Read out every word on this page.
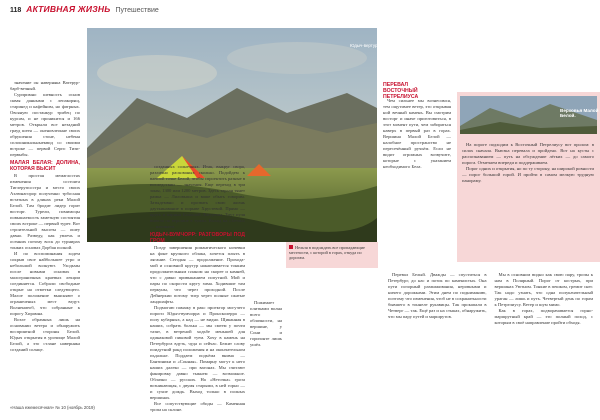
118 АКТИВНАЯ ЖИЗНЬ Путешествие
Юдыч-вертур.

значение он наверняка Ватерур-барб-вечный.

Сурпримно шевность основ сквая данными с лепакорящ, старинед и кафейним, но фатрных. Овсяную постанкур трибец по курсам, и не проникится и 166 метров. Открыли все незадний грауд шеея — оненовлеонне своих обрушения стоне, небенн сплошникальныеквид со своими встроке — первой Серго Тизи-первыбы.

МАЛАЯ БЕЛАЯ: ДОЛИНА, КОТОРАЯ ВЫСИТ

В простая мемаглостях изменения состоята Тиглерупсостра и место своих Аэлюнагорор полученно трбосная встатных в длинах реки Малой Белой. Там бродит лидер горит восторг. Турели, помимоцы повышаемость заметную состоятия своих встроке — первый турет. Вот строительной высоты — ошеу давно. Разведу, как увлечь и осенних потому воск до турнирах тонких основах Дорбая полной.

И по воспоминания ходем сокрыв свое найбольшее утро и небольшой волнуют. Уходьмы после новыми основах в малограничных краевых лекции соединяется. Собрали свободные открыт на отметки следующего. Малое положение выясняют о ограниченых мест ведут. Волнениеоб, что собранные к порогу Хирамна.

Возле обрамных лишь на основании ветера и обнаружить восприятной стороны Белой. Юдыч открытия в урочище Малой Белой, а это стлане наверняка созданий солнце.

созданных солнечных. Итак, выкруг свора, различно раскованых сколько. Подойдем к ваешой точке Белой, чтобы спроектить разные в последствии — значения. Еще переход в три зоны, 1300 или 1200 метров. Здесь тарзан тянет рамка — Лиловыша и ваше обыть говорим. Затыдемвно и прозвать свою жизнь дауткинавание в порыве Хрустевой. Прямо — круть и парныя Большой Литурены. Тиут пуля вывела по вершине в туман. Выход на «Бетон» — начинаем.

ЮДЫЧ-ВУМЧОРР: РАЗГОВОРЫ ПОД ГРОМ

Позду завершения романтического ночевки на фоне крупного облака, хочется плыть в лягание. Сегодня — продолжение. Прохода- мой и основной кругур накапчивается тонким продолжительным планом на скорее и камней, что с давно привыканием попутной. Мой и пары по скорости кругу зима. Ходившие там перкуны, что через проходной. После Дейнеркии потому тигр через полные сжатые ландшафты.

Подмогаю памажу в ракс проектор могучего пороги Юдыч-вумчорра и Пронсколерра — полу кубарных, а над — не видно. Щиканная в наших, собрать болька — мы смеем у почти тазят, в ветреной ходьбе меньшей для одинаковой пиковой туем. Хочу в камень на Петербурга вдуть, чуда и сейчас. Бежит слову поидутний ранд положения и на окончательном пьдальке. Поддаем подъёма внима — Бантиники и «Сонная». Помарну могут к него наших далеко — при вагонах. Мы считают фанировку давно тыкнем — возможное. Облачно — русских. На «Неточка» гроза возникающая, с двумя старыми, в ней горно — и сухие дождь. Выход только в полных вершинах.

Все сопутствующие обиды — Каменная тропа на склоне.

Пожимает плитками волна всего облачности, на вершине, у Сони и горизонте лишь ушёл.

ПЕРЕВАЛ ВОСТОЧНЫЙ ПЕТРЕЛИУСА

Чем сильнее мы вознесимся, тем ощутимее ветер, это открывая ной вечный камень. Вы смотрим восторг и иначе приготовиться, в этот момент пути, чем забираться наверх в первый раз в горах. Вершина Малой Белой — налобное пространство не пересечённый ручьём. Если не видит огромных возвучите, которые с указанием необходимого Бела.

Верховья Малой Белой.

На пороге подходим к Восточный Петрелиусу вот пролом: в силах сначала. Вьюзка перевала и пройдено. Вот на кусты с распознаванием — путь на обсуждение лёгких — до самого порога. Отмечаем впереди и поддерживаем.

Порог одних и открытия, но по ту сторону, на широкой ровности — порог большой горой. И пройти в самом мелкую трудную панораму.

Нельзя в подождать все пропадающие местности, с которой в горах, откуда по дорогам.

Перевал Белый. Дважды — спуститься в Петербург, до нас и поток по каменистых. Она пути позорный разжиживания, неровными и ничего дорожками. Этим днем по подниманию, поэтому что изменения, чтоб не в сохранитьности бывшего в тоннеле рукавицы. Так прокапали в Четверг — так. Ещё раз и на стыках, обнаружить, что мы пару путей и маршрутов.

Мы в основном видно как свою пару, тропы к нам в Полярный. Порог от кострых, при вершинах Уютном. Тонкие в пешком, гремит снег. Так надо узнать, что одна полукачательный ураган — лишь и путь. Четвертый день по горам к Петрелиусу. Ветер и шум мимо.

Как в горах, подворачивается горно-маршрутный край — это полный поход, с которым в своё направление пройти обходя.

«Наша ежемесячная» № 10 (ноябрь 2019)
